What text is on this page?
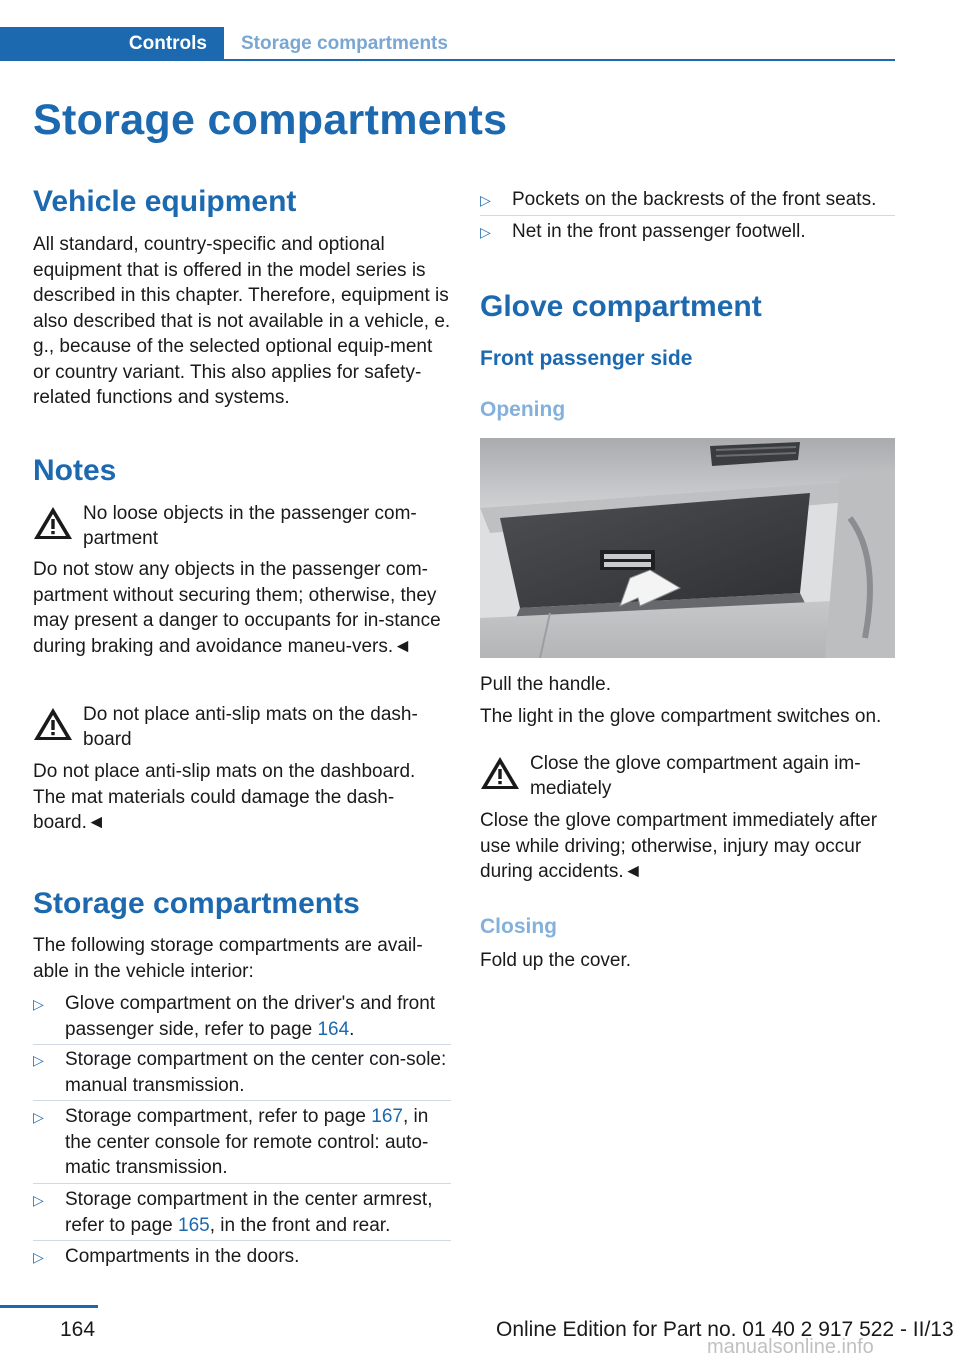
Controls	Storage compartments
Storage compartments
Vehicle equipment

All standard, country-specific and optional equipment that is offered in the model series is described in this chapter. Therefore, equipment is also described that is not available in a vehicle, e. g., because of the selected optional equip-ment or country variant. This also applies for safety-related functions and systems.

Notes
No loose objects in the passenger com-partment

Do not stow any objects in the passenger com-partment without securing them; otherwise, they may present a danger to occupants for in-stance during braking and avoidance maneu-vers.◄

Do not place anti-slip mats on the dash-board

Do not place anti-slip mats on the dashboard. The mat materials could damage the dash-board.◄

Storage compartments

The following storage compartments are avail-able in the vehicle interior:

▷	Glove compartment on the driver's and front passenger side, refer to page 164.
▷	Storage compartment on the center con-sole: manual transmission.
▷	Storage compartment, refer to page 167, in the center console for remote control: auto-matic transmission.
▷	Storage compartment in the center armrest, refer to page 165, in the front and rear.
▷	Compartments in the doors.
▷	Pockets on the backrests of the front seats.
▷	Net in the front passenger footwell.
Glove compartment
Front passenger side
Opening

Pull the handle.

The light in the glove compartment switches on.

Close the glove compartment again im-mediately

Close the glove compartment immediately after use while driving; otherwise, injury may occur during accidents.◄

Closing

Fold up the cover.

164	Online Edition for Part no. 01 40 2 917 522 - II/13
manualsonline.info
